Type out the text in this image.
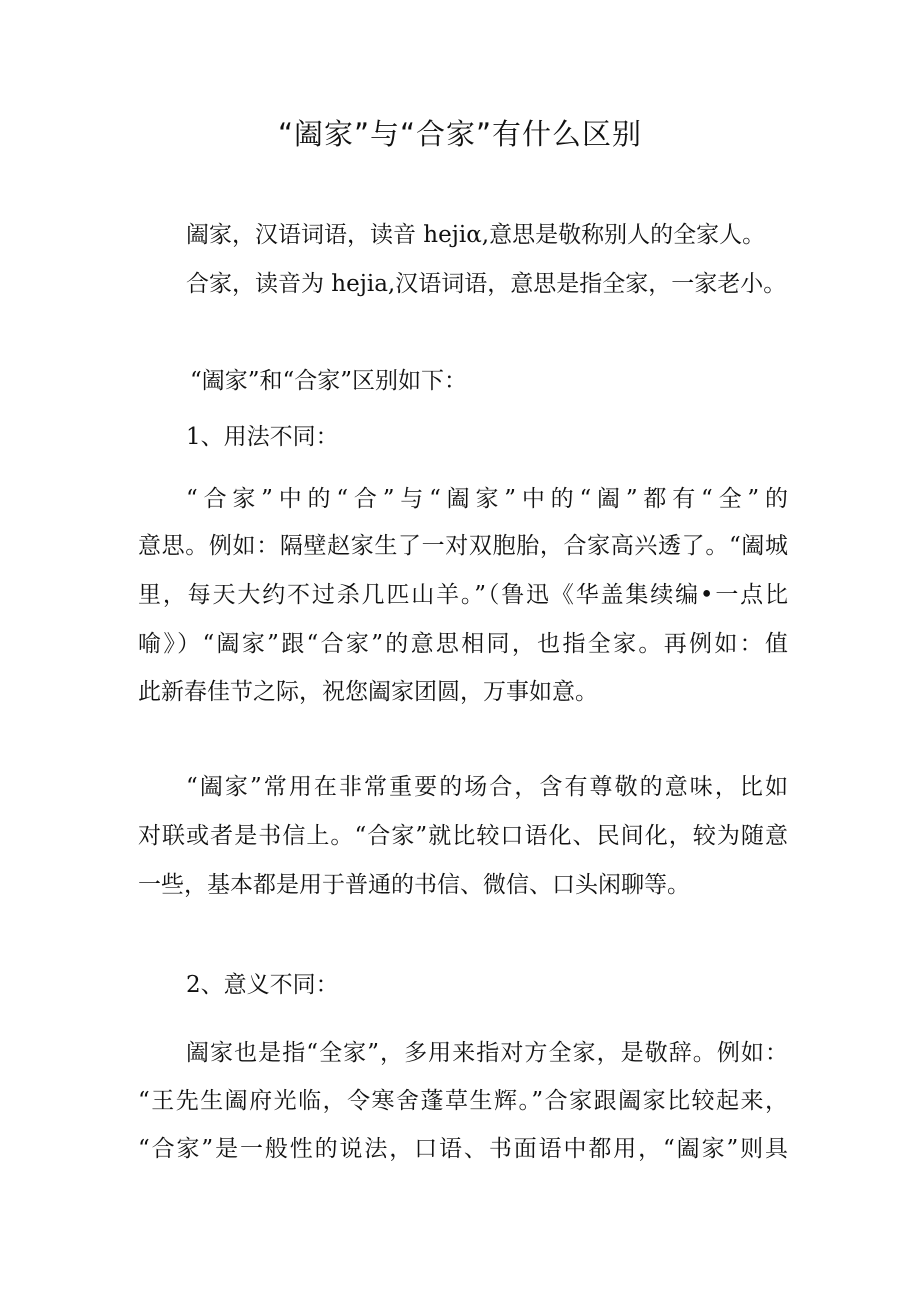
“阖家”与“合家”有什么区别
阖家，汉语词语，读音 hejiα,意思是敬称别人的全家人。
合家，读音为 hejia,汉语词语，意思是指全家，一家老小。
“阖家”和“合家”区别如下：
1、用法不同：
“合家”中的“合”与“阖家”中的“阖”都有“全”的
意思。例如：隔壁赵家生了一对双胞胎，合家高兴透了。“阖城
里，每天大约不过杀几匹山羊。”（鲁迅《华盖集续编•一点比
喻》）“阖家”跟“合家”的意思相同，也指全家。再例如：值
此新春佳节之际，祝您阖家团圆，万事如意。
“阖家”常用在非常重要的场合，含有尊敬的意味，比如
对联或者是书信上。“合家”就比较口语化、民间化，较为随意
一些，基本都是用于普通的书信、微信、口头闲聊等。
2、意义不同：
阖家也是指“全家”，多用来指对方全家，是敬辞。例如：
“王先生阖府光临，令寒舍蓬草生辉。”合家跟阖家比较起来，
“合家”是一般性的说法，口语、书面语中都用，“阖家”则具
